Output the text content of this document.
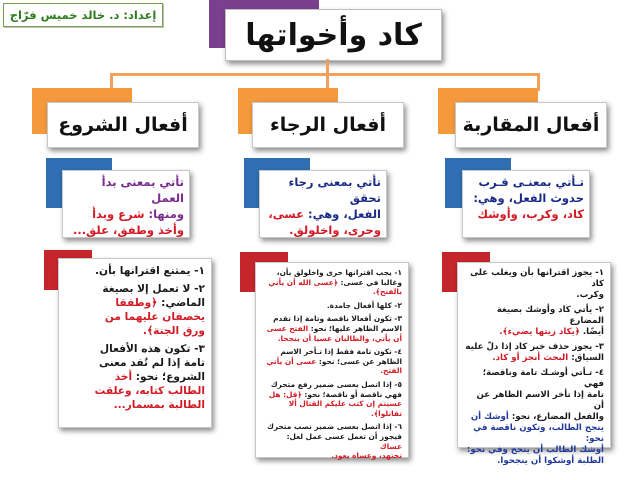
إعداد: د. خالد خميس فرّاج
كاد وأخواتها
أفعال المقاربة
تـأتي بمعنـى قـرب
حدوث الفعل، وهي:
كاد، وكرب، وأوشك

١- يجوز اقترانها بأن ويغلب على كاد
وكرب.

٢- يأتي كاد وأوشك بصيغة المضارع
أيضًا. ﴿يكاد زيتها يضيء﴾.

٣- يجوز حذف خبر كاد إذا دلّ عليه
السياق: البحث أنجز أو كاد.

٤- تـأتي أوشـك تامة وناقصة؛ فهي
تامة إذا تأخر الاسم الظاهر عن أن
والفعل المضارع، نحو: أوشك أن
ينجح الطالب، وتكون ناقصة في نحو:
أوشك الطالب أن ينجح وفي نحو:
الطلبة أوشكوا أن ينجحوا.

أفعال الرجاء
تأتي بمعنى رجاء تحقق
الفعل، وهي: عسى،
وحرى، واخلولق.

١- يجب اقترانها حرى واخلولق بأن،
وغالبا في عسى: ﴿عسى الله أن يأتي
بالفتح﴾.

٢- كلها أفعال جامدة.

٣- تكون أفعالا ناقصة وتامة إذا تقدم
الاسم الظاهر عليها؛ نحو: الفتح عسى
أن يأتي، والطالبان عسيا أن ينجحا.

٤- تكون تامة فقط إذا تـأخر الاسم
الظاهر عن عسى؛ نحو: عسى أن يأتي
الفتح.

٥- إذا اتصل بعسى ضمير رفع متحرك
فهي ناقصة أو ناقصة؛ نحو: ﴿قل: هل
عسيتم إن كتب عليكم القتال ألا تقاتلوا﴾.

٦- إذا اتصل بعسى ضمير نصب متحرك
فيجوز أن تعمل عسى عمل لعل: عساك
تجتهد، وعساه يعود.

أفعال الشروع
تأتي بمعنى بدأ العمل
ومنها: شرع وبدأ
وأخذ وطفق، علق...

١- يمتنع اقترانها بأن.

٢- لا تعمل إلا بصيغة
الماضي: ﴿وطفقا
يخصفان عليهما من
ورق الجنة﴾.

٣- تكون هذه الأفعال
تامة إذا لم تُفد معنى
الشروع؛ نحو: أخذ
الطالب كتابه، وعلقت
الطالبة بمسمار...
